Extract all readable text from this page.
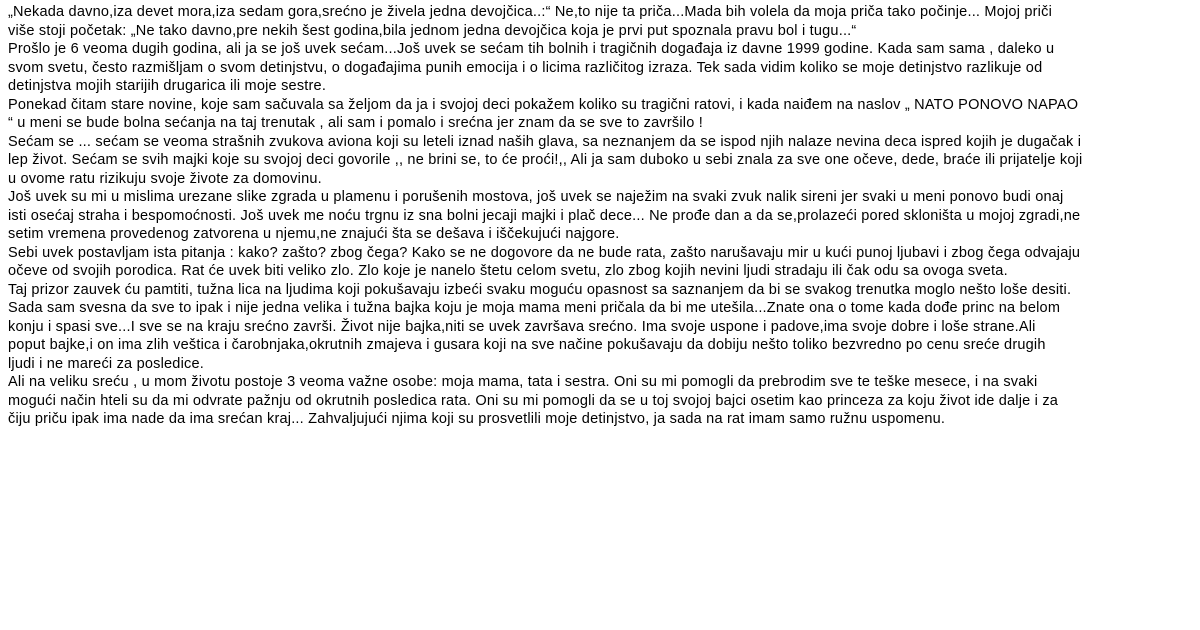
„Nekada davno,iza devet mora,iza sedam gora,srećno je živela jedna devojčica..:“ Ne,to nije ta priča...Mada bih volela da moja priča tako počinje... Mojoj priči
više stoji početak: „Ne tako davno,pre nekih šest godina,bila jednom jedna devojčica koja je prvi put spoznala pravu bol i tugu...“
Prošlo je 6 veoma dugih godina, ali ja se još uvek sećam...Još uvek se sećam tih bolnih i tragičnih događaja iz davne 1999 godine. Kada sam sama , daleko u
svom svetu, često razmišljam o svom detinjstvu, o događajima punih emocija i o licima različitog izraza. Tek sada vidim koliko se moje detinjstvo razlikuje od
detinjstva mojih starijih drugarica ili moje sestre.
Ponekad čitam stare novine, koje sam sačuvala sa željom da ja i svojoj deci pokažem koliko su tragični ratovi, i kada naiđem na naslov „ NATO PONOVO NAPAO
“ u meni se bude bolna sećanja na taj trenutak , ali sam i pomalo i srećna jer znam da se sve to završilo !
Sećam se ... sećam se veoma strašnih zvukova aviona koji su leteli iznad naših glava, sa neznanjem da se ispod njih nalaze nevina deca ispred kojih je dugačak i
lep život. Sećam se svih majki koje su svojoj deci govorile ,, ne brini se, to će proći!,, Ali ja sam duboko u sebi znala za sve one očeve, dede, braće ili prijatelje koji
u ovome ratu rizikuju svoje živote za domovinu.
Još uvek su mi u mislima urezane slike zgrada u plamenu i porušenih mostova, još uvek se naježim na svaki zvuk nalik sireni jer svaki u meni ponovo budi onaj
isti osećaj straha i bespomoćnosti. Još uvek me noću trgnu iz sna bolni jecaji majki i plač dece... Ne prođe dan a da se,prolazeći pored skloništa u mojoj zgradi,ne
setim vremena provedenog zatvorena u njemu,ne znajući šta se dešava i iščekujući najgore.
Sebi uvek postavljam ista pitanja : kako? zašto? zbog čega? Kako se ne dogovore da ne bude rata, zašto narušavaju mir u kući punoj ljubavi i zbog čega odvajaju
očeve od svojih porodica. Rat će uvek biti veliko zlo. Zlo koje je nanelo štetu celom svetu, zlo zbog kojih nevini ljudi stradaju ili čak odu sa ovoga sveta.
Taj prizor zauvek ću pamtiti, tužna lica na ljudima koji pokušavaju izbeći svaku moguću opasnost sa saznanjem da bi se svakog trenutka moglo nešto loše desiti.
Sada sam svesna da sve to ipak i nije jedna velika i tužna bajka koju je moja mama meni pričala da bi me utešila...Znate ona o tome kada dođe princ na belom
konju i spasi sve...I sve se na kraju srećno završi. Život nije bajka,niti se uvek završava srećno. Ima svoje uspone i padove,ima svoje dobre i loše strane.Ali
poput bajke,i on ima zlih veštica i čarobnjaka,okrutnih zmajeva i gusara koji na sve načine pokušavaju da dobiju nešto toliko bezvredno po cenu sreće drugih
ljudi i ne mareći za posledice.
Ali na veliku sreću , u mom životu postoje 3 veoma važne osobe: moja mama, tata i sestra. Oni su mi pomogli da prebrodim sve te teške mesece, i na svaki
mogući način hteli su da mi odvrate pažnju od okrutnih posledica rata. Oni su mi pomogli da se u toj svojoj bajci osetim kao princeza za koju život ide dalje i za
čiju priču ipak ima nade da ima srećan kraj... Zahvaljujući njima koji su prosvetlili moje detinjstvo, ja sada na rat imam samo ružnu uspomenu.
